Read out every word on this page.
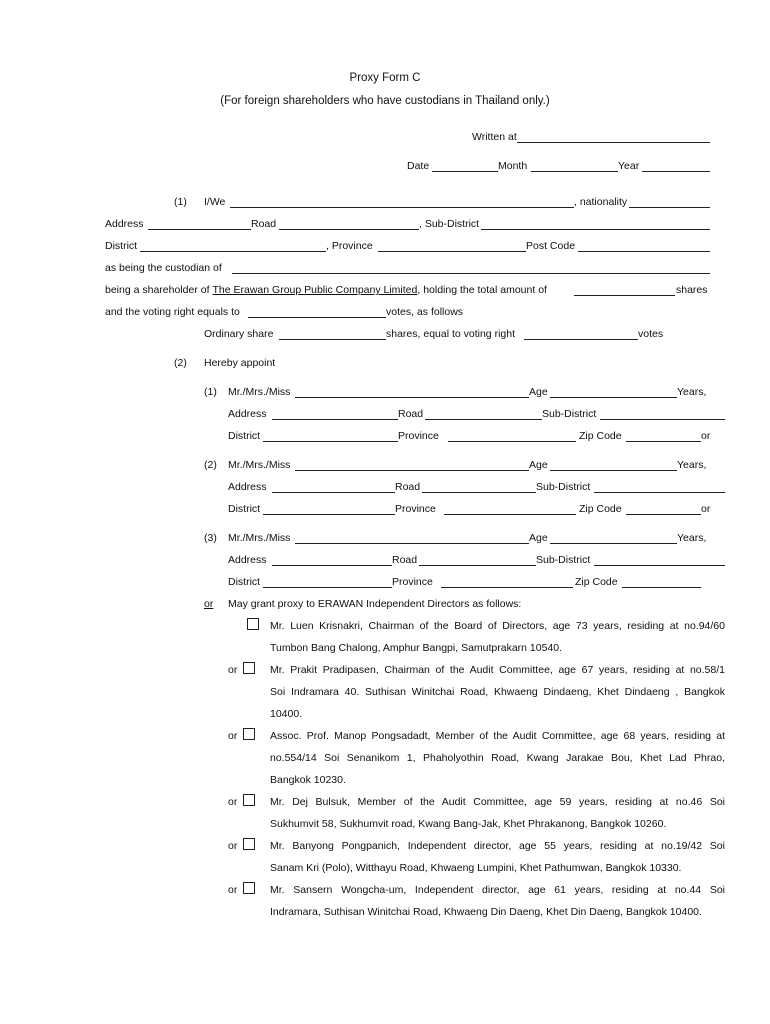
Proxy Form C
(For foreign shareholders who have custodians in Thailand only.)
Written at
Date	Month	Year
(1) I/We	, nationality
Address	Road	, Sub-District
District	, Province	Post Code
as being the custodian of
being a shareholder of The Erawan Group Public Company Limited, holding the total amount of	shares
and the voting right equals to	votes, as follows
Ordinary share	shares, equal to voting right	votes
(2) Hereby appoint
(1) Mr./Mrs./Miss	Age	Years,
Address	Road	Sub-District
District	Province	Zip Code	or
(2) Mr./Mrs./Miss	Age	Years,
Address	Road	Sub-District
District	Province	Zip Code	or
(3) Mr./Mrs./Miss	Age	Years,
Address	Road	Sub-District
District	Province	Zip Code
or May grant proxy to ERAWAN Independent Directors as follows:
Mr. Luen Krisnakri, Chairman of the Board of Directors, age 73 years, residing at no.94/60
Tumbon Bang Chalong, Amphur Bangpi, Samutprakarn 10540.
or	Mr. Prakit Pradipasen, Chairman of the Audit Committee, age 67 years, residing at no.58/1
Soi Indramara 40. Suthisan Winitchai Road, Khwaeng Dindaeng, Khet Dindaeng , Bangkok
10400.
or	Assoc. Prof. Manop Pongsadadt, Member of the Audit Committee, age 68 years, residing at
no.554/14 Soi Senanikom 1, Phaholyothin Road, Kwang Jarakae Bou, Khet Lad Phrao,
Bangkok 10230.
or	Mr. Dej Bulsuk, Member of the Audit Committee, age 59 years, residing at no.46 Soi
Sukhumvit 58, Sukhumvit road, Kwang Bang-Jak, Khet Phrakanong, Bangkok 10260.
or	Mr. Banyong Pongpanich, Independent director, age 55 years, residing at no.19/42 Soi
Sanam Kri (Polo), Witthayu Road, Khwaeng Lumpini, Khet Pathumwan, Bangkok 10330.
or	Mr. Sansern Wongcha-um, Independent director, age 61 years, residing at no.44 Soi
Indramara, Suthisan Winitchai Road, Khwaeng Din Daeng, Khet Din Daeng, Bangkok 10400.
